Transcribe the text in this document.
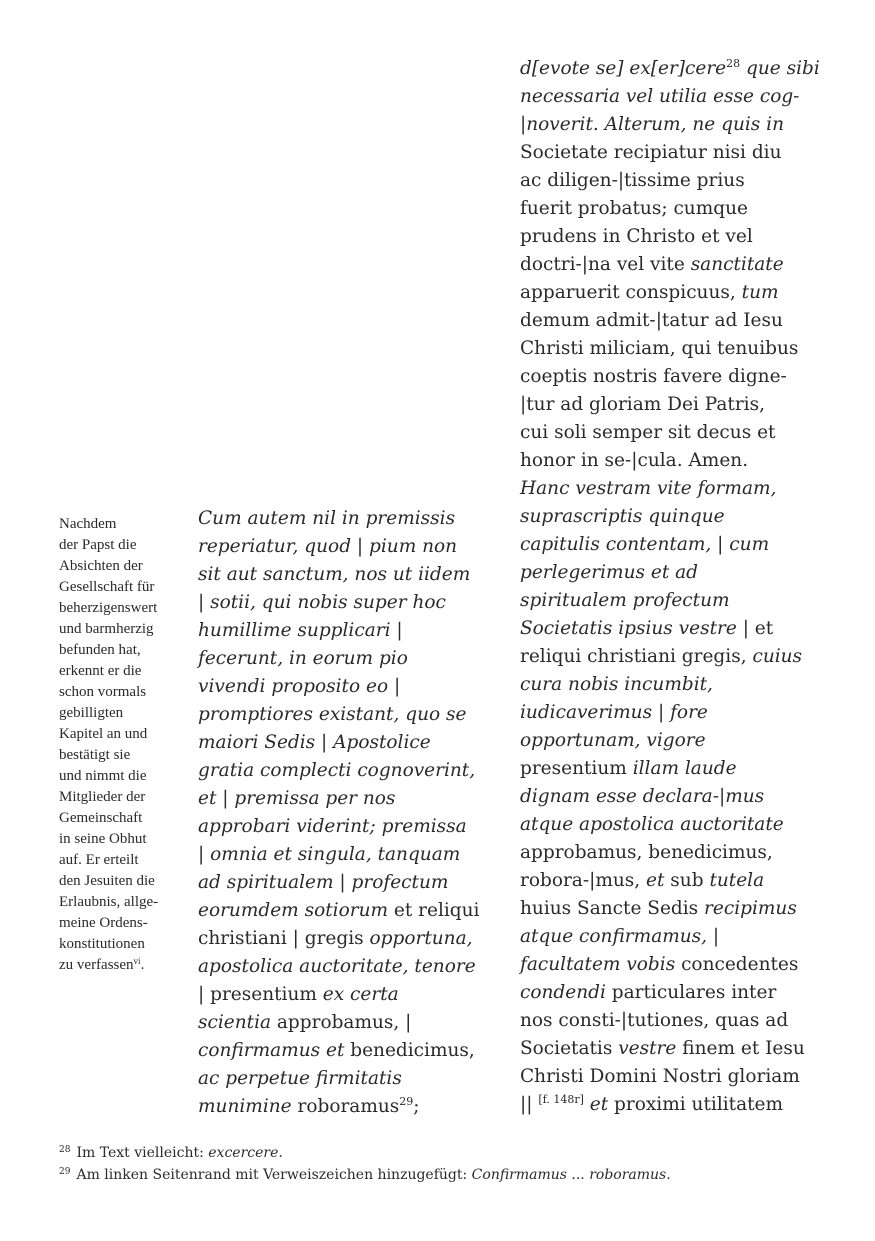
Nachdem
der Papst die
Absichten der
Gesellschaft für
beherzigenswert
und barmherzig
befunden hat,
erkennt er die
schon vormals
gebilligten
Kapitel an und
bestätigt sie
und nimmt die
Mitglieder der
Gemeinschaft
in seine Obhut
auf. Er erteilt
den Jesuiten die
Erlaubnis, allge-
meine Ordens-
konstitutionen
zu verfassen$^{vi}$.
Cum autem nil in premissis
reperiatur, quod | pium non
sit aut sanctum, nos ut iidem
| sotii, qui nobis super hoc
humillime supplicari |
fecerunt, in eorum pio
vivendi proposito eo |
promptiores existant, quo se
maiori Sedis | Apostolice
gratia complecti cognoverint,
et | premissa per nos
approbari viderint; premissa
| omnia et singula, tanquam
ad spiritualem | profectum
eorumdem sotiorum et reliqui
christiani | gregis opportuna,
apostolica auctoritate, tenore
| presentium ex certa
scientia approbamus, |
confirmamus et benedicimus,
ac perpetue firmitatis
munimine roboramus$^{29}$;
d[evote se] ex[er]cere$^{28}$ que sibi
necessaria vel utilia esse cog-
|noverit. Alterum, ne quis in
Societate recipiatur nisi diu
ac diligen-|tissime prius
fuerit probatus; cumque
prudens in Christo et vel
doctri-|na vel vite sanctitate
apparuerit conspicuus, tum
demum admit-|tatur ad Iesu
Christi miliciam, qui tenuibus
coeptis nostris favere digne-
|tur ad gloriam Dei Patris,
cui soli semper sit decus et
honor in se-|cula. Amen.
Hanc vestram vite formam,
suprascriptis quinque
capitulis contentam, | cum
perlegerimus et ad
spiritualem profectum
Societatis ipsius vestre | et
reliqui christiani gregis, cuius
cura nobis incumbit,
iudicaverimus | fore
opportunam, vigore
presentium illam laude
dignam esse declara-|mus
atque apostolica auctoritate
approbamus, benedicimus,
robora-|mus, et sub tutela
huius Sancte Sedis recipimus
atque confirmamus, |
facultatem vobis concedentes
condendi particulares inter
nos consti-|tutiones, quas ad
Societatis vestre finem et Iesu
Christi Domini Nostri gloriam
|| [f. 148r] et proximi utilitatem
$^{28}$ Im Text vielleicht: excercere.
$^{29}$ Am linken Seitenrand mit Verweiszeichen hinzugefügt: Confirmamus ... roboramus.
